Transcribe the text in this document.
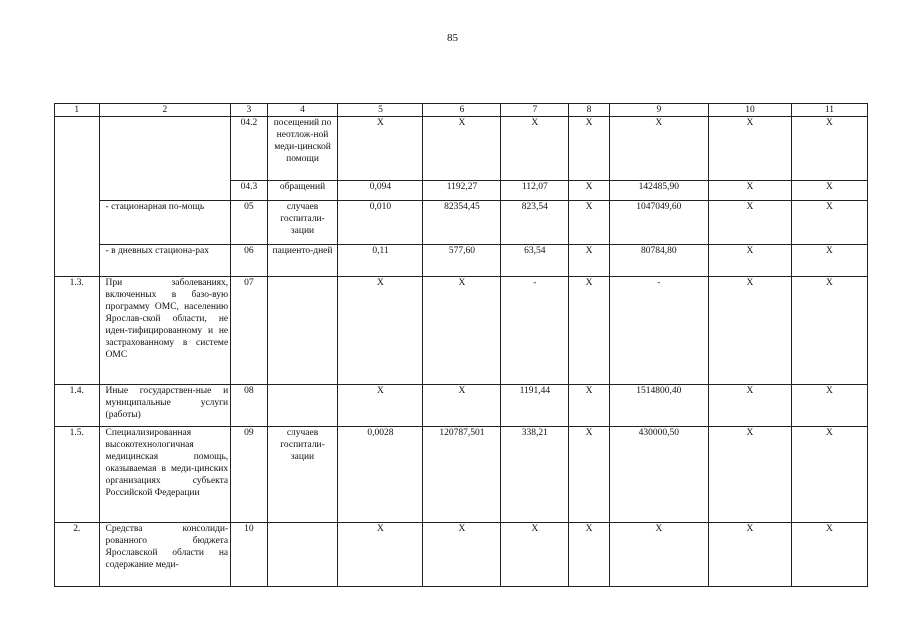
85
1	2	3	4	5	6	7	8	9	10	11
		04.2	посещений по неотлож-ной меди-цинской помощи	X	X	X	X	X	X	X
		04.3	обращений	0,094	1192,27	112,07	X	142485,90	X	X
	- стационарная по-мощь	05	случаев госпитали-зации	0,010	82354,45	823,54	X	1047049,60	X	X
	- в дневных стациона-рах	06	пациенто-дней	0,11	577,60	63,54	X	80784,80	X	X
1.3.	При заболеваниях, включенных в базо-вую программу ОМС, населению Ярослав-ской области, не иден-тифицированному и не застрахованному в системе ОМС	07		X	X	-	X	-	X	X
1.4.	Иные государствен-ные и муниципальные услуги (работы)	08		X	X	1191,44	X	1514800,40	X	X
1.5.	Специализированная высокотехнологичная медицинская помощь, оказываемая в меди-цинских организациях субъекта Российской Федерации	09	случаев госпитали-зации	0,0028	120787,501	338,21	X	430000,50	X	X
2.	Средства консолиди-рованного бюджета Ярославской области на содержание меди-	10		X	X	X	X	X	X	X
